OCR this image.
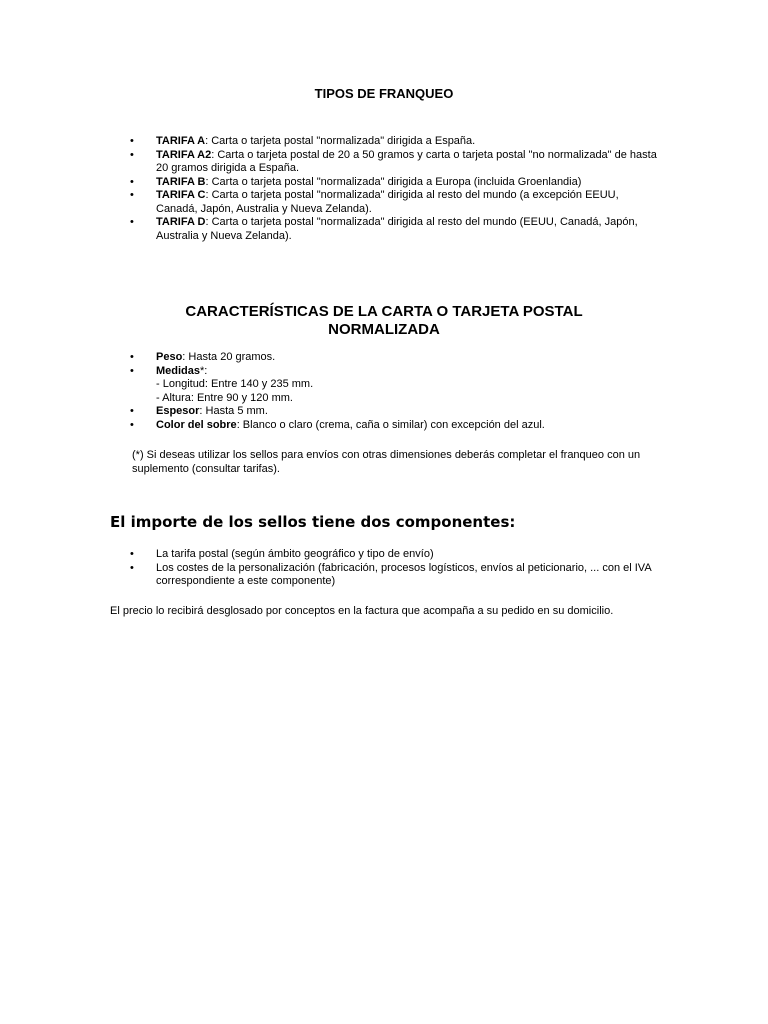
TIPOS DE FRANQUEO
•	TARIFA A: Carta o tarjeta postal "normalizada" dirigida a España.
•	TARIFA A2: Carta o tarjeta postal de 20 a 50 gramos y carta o tarjeta postal "no normalizada" de hasta 20 gramos dirigida a España.
•	TARIFA B: Carta o tarjeta postal "normalizada" dirigida a Europa (incluida Groenlandia)
•	TARIFA C: Carta o tarjeta postal "normalizada" dirigida al resto del mundo (a excepción EEUU, Canadá, Japón, Australia y Nueva Zelanda).
•	TARIFA D: Carta o tarjeta postal "normalizada" dirigida al resto del mundo (EEUU, Canadá, Japón, Australia y Nueva Zelanda).
CARACTERÍSTICAS DE LA CARTA O TARJETA POSTAL
NORMALIZADA
•	Peso: Hasta 20 gramos.
•	Medidas*:
- Longitud: Entre 140 y 235 mm.
- Altura: Entre 90 y 120 mm.
•	Espesor: Hasta 5 mm.
•	Color del sobre: Blanco o claro (crema, caña o similar) con excepción del azul.

(*) Si deseas utilizar los sellos para envíos con otras dimensiones deberás completar el franqueo con un suplemento (consultar tarifas).

El importe de los sellos tiene dos componentes:
•	La tarifa postal (según ámbito geográfico y tipo de envío)
•	Los costes de la personalización (fabricación, procesos logísticos, envíos al peticionario, ... con el IVA correspondiente a este componente)

El precio lo recibirá desglosado por conceptos en la factura que acompaña a su pedido en su domicilio.
